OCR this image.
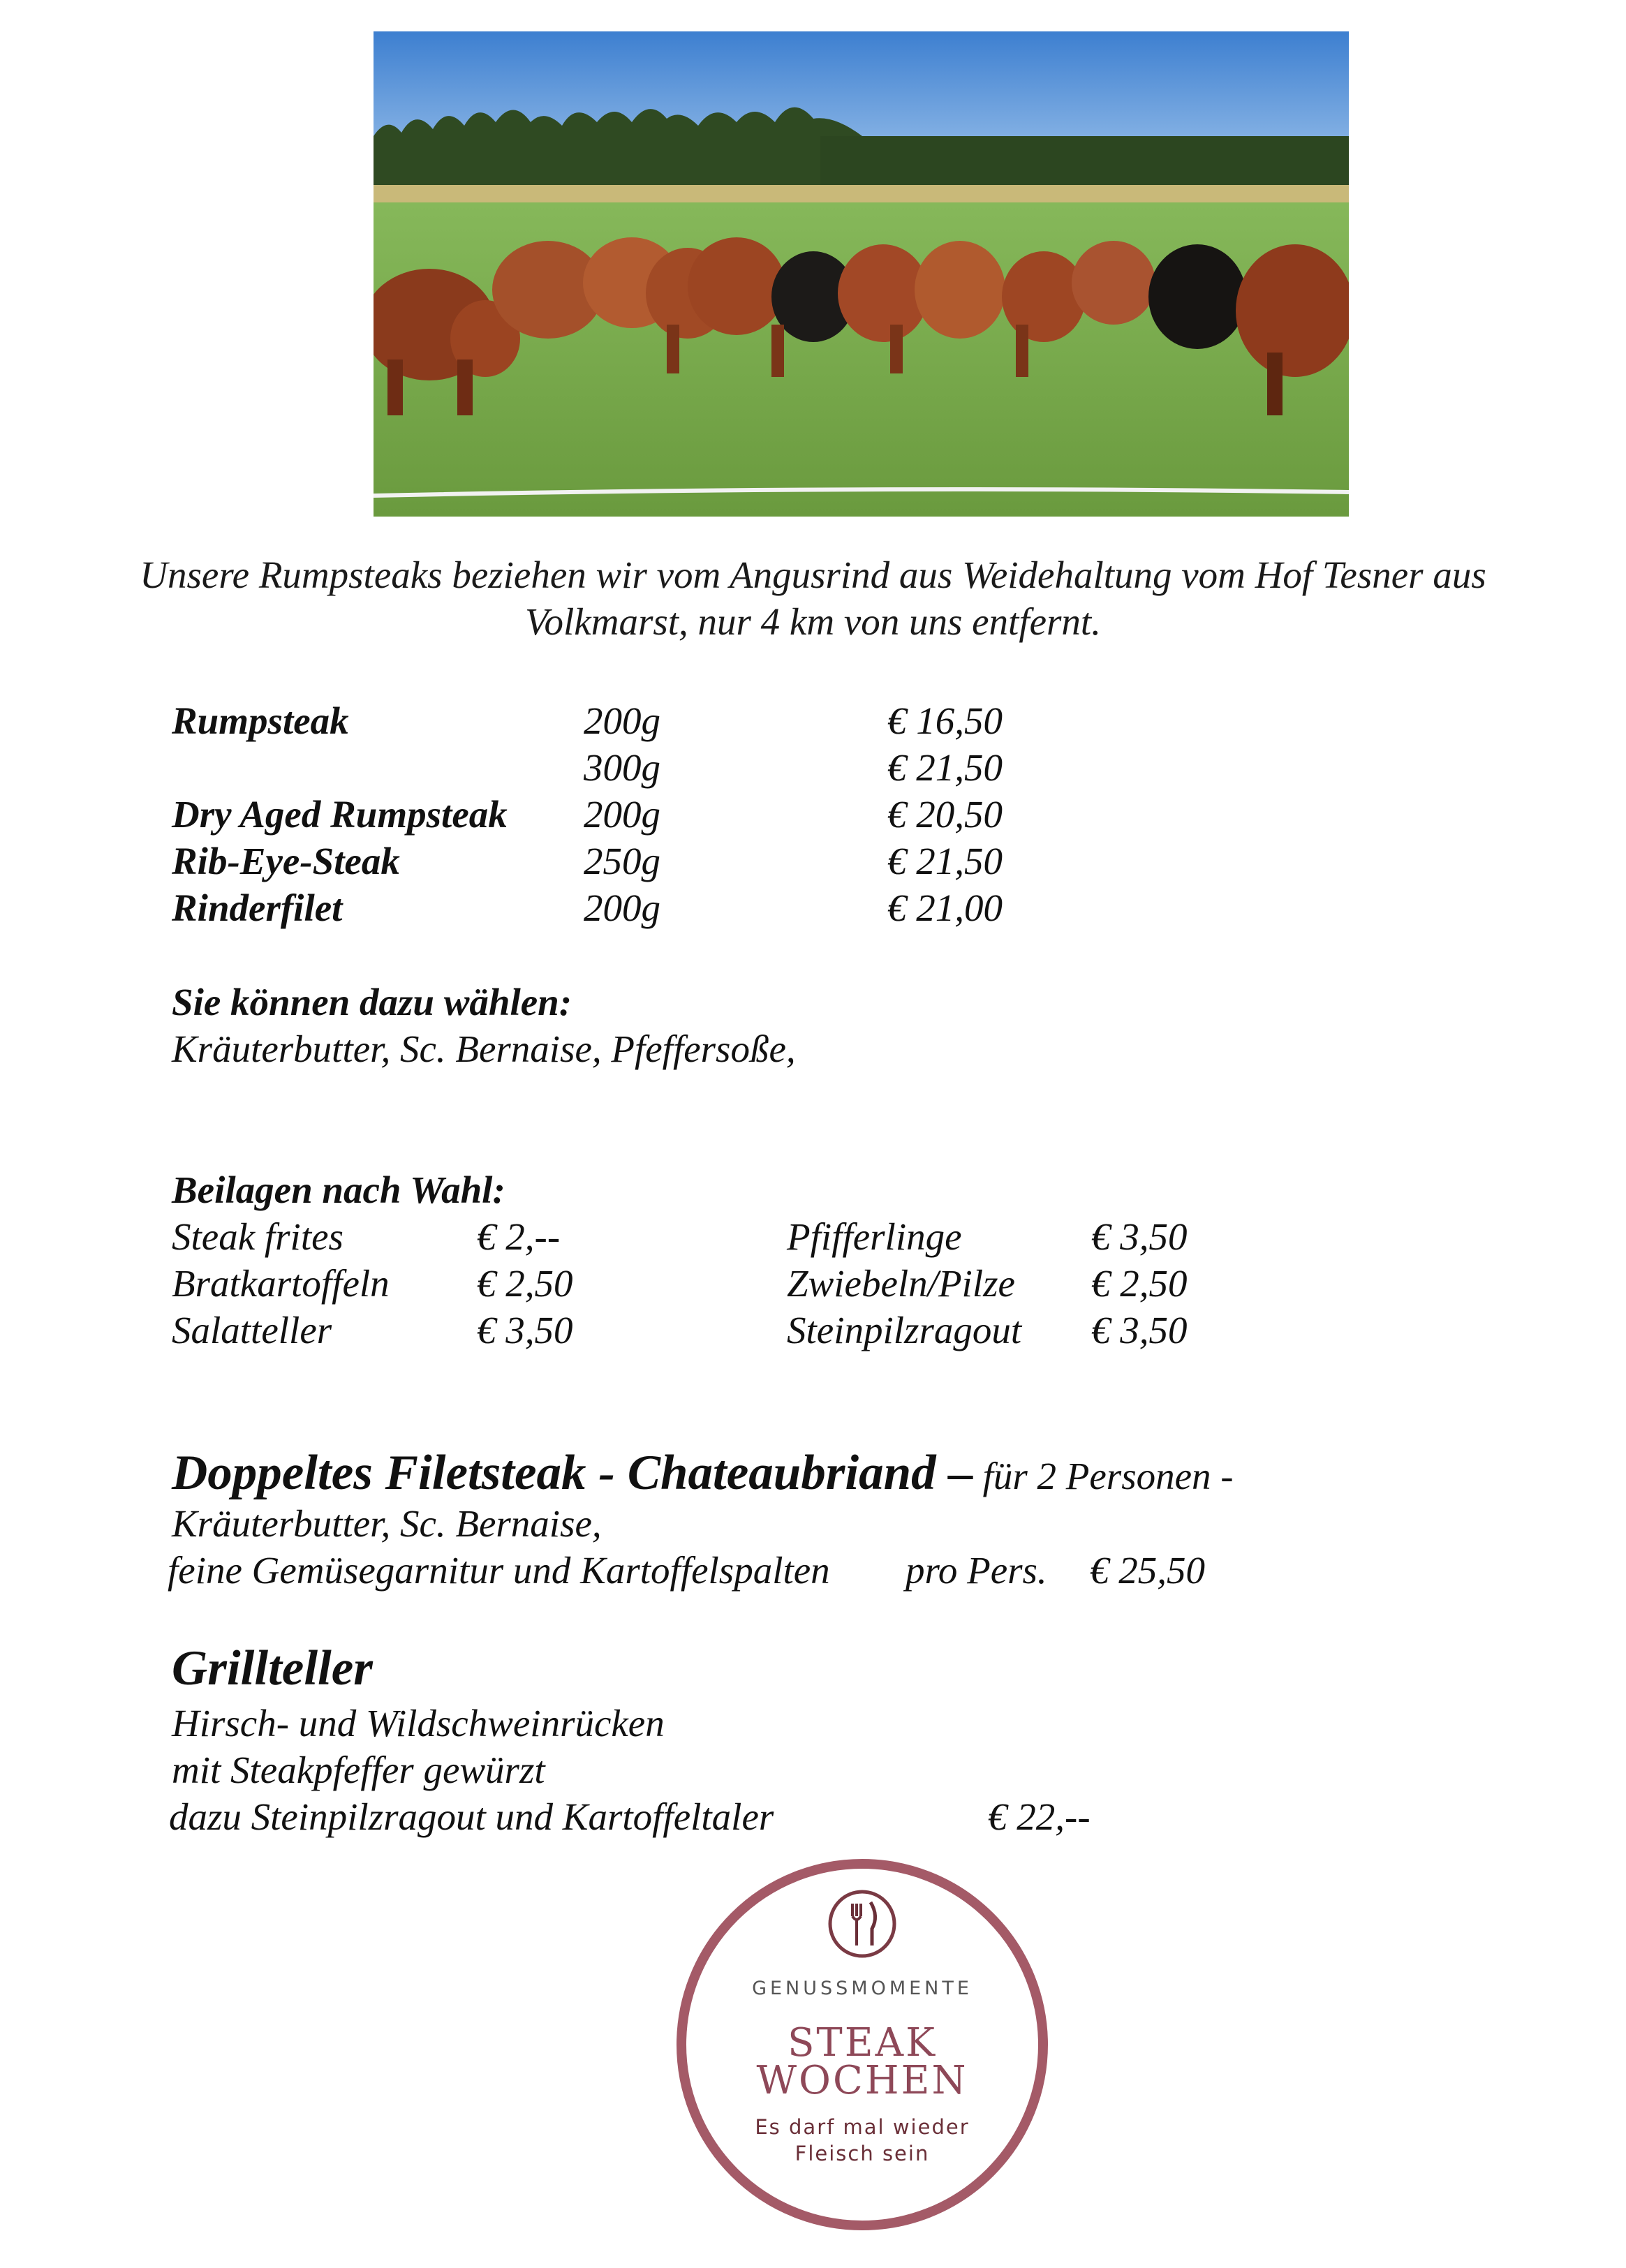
Unsere Rumpsteaks beziehen wir vom Angusrind aus Weidehaltung vom Hof Tesner aus
Volkmarst, nur 4 km von uns entfernt.
Rumpsteak	200g	€ 16,50
300g	€ 21,50
Dry Aged Rumpsteak 200g	€ 20,50
Rib-Eye-Steak	250g	€ 21,50
Rinderfilet	200g	€ 21,00
Sie können dazu wählen:
Kräuterbutter, Sc. Bernaise, Pfeffersoße,
Beilagen nach Wahl:
Steak frites	€ 2,--	Pfifferlinge	€ 3,50
Bratkartoffeln € 2,50	Zwiebeln/Pilze € 2,50
Salatteller	€ 3,50	Steinpilzragout € 3,50
Doppeltes Filetsteak - Chateaubriand – für 2 Personen -
Kräuterbutter, Sc. Bernaise,
feine Gemüsegarnitur und Kartoffelspalten pro Pers. € 25,50
Grillteller
Hirsch- und Wildschweinrücken
mit Steakpfeffer gewürzt
dazu Steinpilzragout und Kartoffeltaler	€ 22,--
GENUSSMOMENTE
STEAK
WOCHEN
Es darf mal wieder
Fleisch sein
